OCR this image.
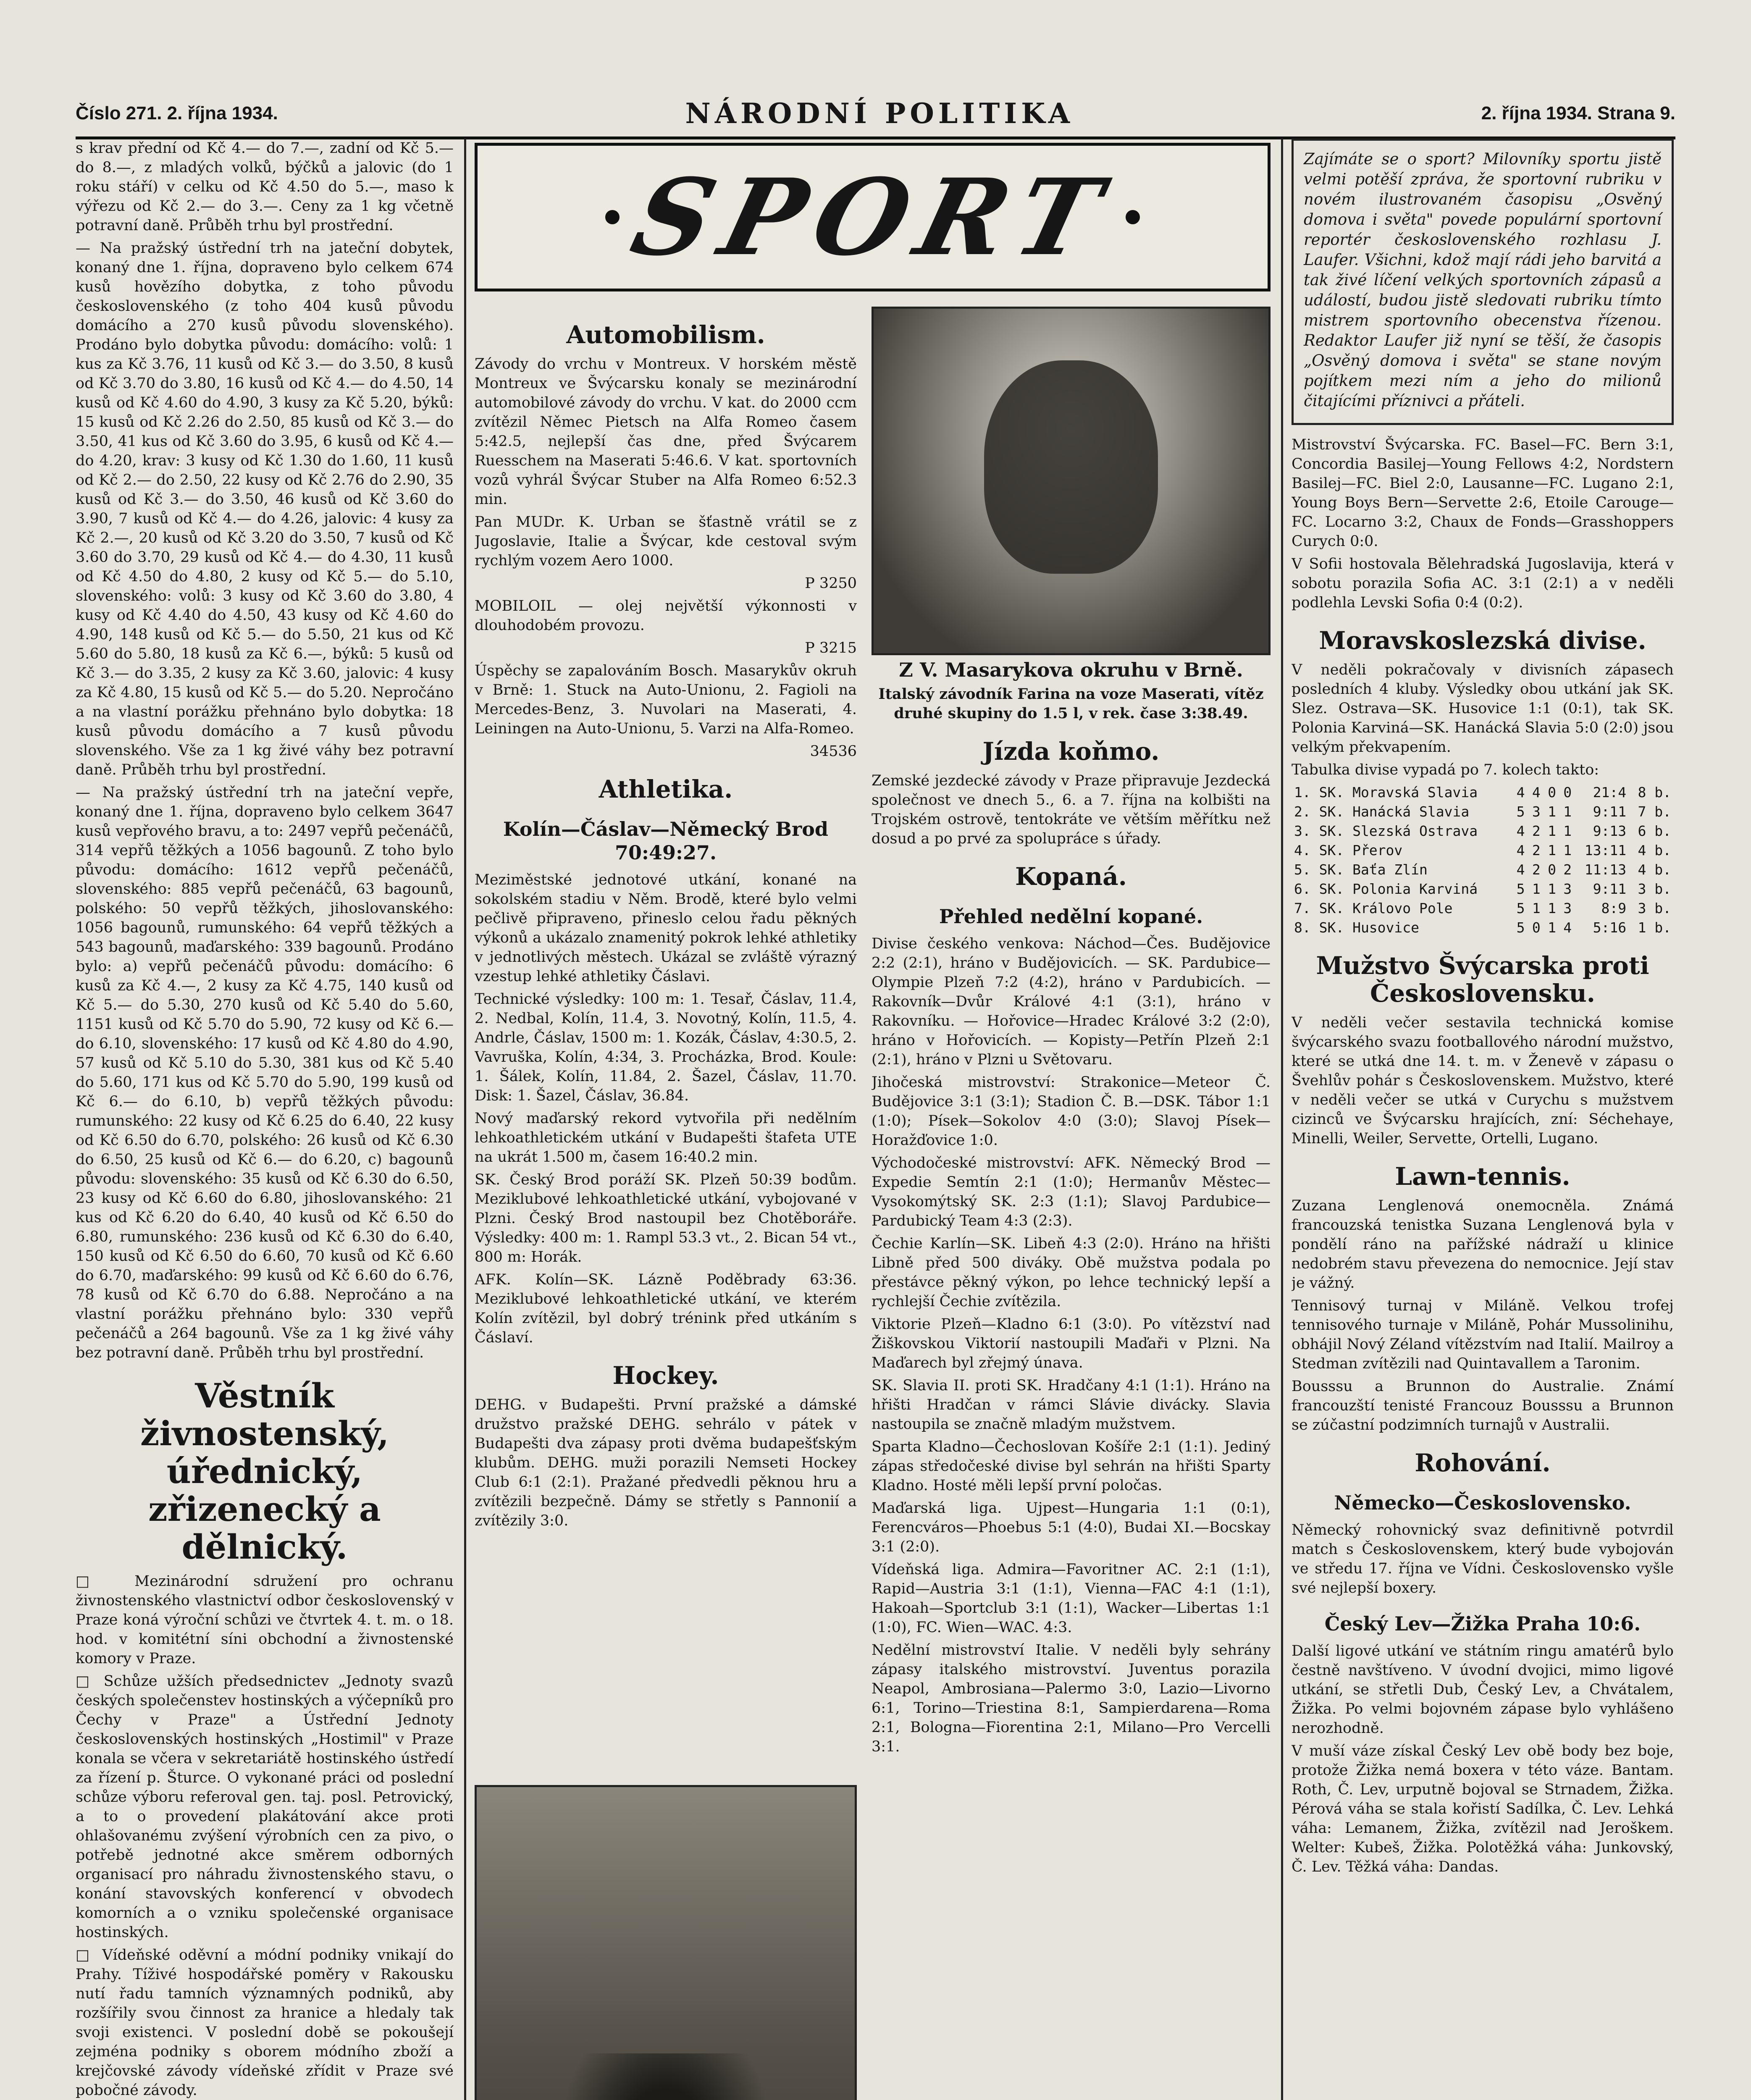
Číslo 271. 2. října 1934.	NÁRODNÍ POLITIKA	2. října 1934. Strana 9.

s krav přední od Kč 4.— do 7.—, zadní od Kč 5.— do 8.—, z mladých volků, býčků a jalovic (do 1 roku stáří) v celku od Kč 4.50 do 5.—, maso k výřezu od Kč 2.— do 3.—. Ceny za 1 kg včetně potravní daně. Průběh trhu byl prostřední.

— Na pražský ústřední trh na jateční dobytek, konaný dne 1. října, dopraveno bylo celkem 674 kusů hovězího dobytka, z toho původu československého (z toho 404 kusů původu domácího a 270 kusů původu slovenského). Prodáno bylo dobytka původu: domácího: volů: 1 kus za Kč 3.76, 11 kusů od Kč 3.— do 3.50, 8 kusů od Kč 3.70 do 3.80, 16 kusů od Kč 4.— do 4.50, 14 kusů od Kč 4.60 do 4.90, 3 kusy za Kč 5.20, býků: 15 kusů od Kč 2.26 do 2.50, 85 kusů od Kč 3.— do 3.50, 41 kus od Kč 3.60 do 3.95, 6 kusů od Kč 4.— do 4.20, krav: 3 kusy od Kč 1.30 do 1.60, 11 kusů od Kč 2.— do 2.50, 22 kusy od Kč 2.76 do 2.90, 35 kusů od Kč 3.— do 3.50, 46 kusů od Kč 3.60 do 3.90, 7 kusů od Kč 4.— do 4.26, jalovic: 4 kusy za Kč 2.—, 20 kusů od Kč 3.20 do 3.50, 7 kusů od Kč 3.60 do 3.70, 29 kusů od Kč 4.— do 4.30, 11 kusů od Kč 4.50 do 4.80, 2 kusy od Kč 5.— do 5.10, slovenského: volů: 3 kusy od Kč 3.60 do 3.80, 4 kusy od Kč 4.40 do 4.50, 43 kusy od Kč 4.60 do 4.90, 148 kusů od Kč 5.— do 5.50, 21 kus od Kč 5.60 do 5.80, 18 kusů za Kč 6.—, býků: 5 kusů od Kč 3.— do 3.35, 2 kusy za Kč 3.60, jalovic: 4 kusy za Kč 4.80, 15 kusů od Kč 5.— do 5.20. Nepročáno a na vlastní porážku přehnáno bylo dobytka: 18 kusů původu domácího a 7 kusů původu slovenského. Vše za 1 kg živé váhy bez potravní daně. Průběh trhu byl prostřední.

— Na pražský ústřední trh na jateční vepře, konaný dne 1. října, dopraveno bylo celkem 3647 kusů vepřového bravu, a to: 2497 vepřů pečenáčů, 314 vepřů těžkých a 1056 bagounů. Z toho bylo původu: domácího: 1612 vepřů pečenáčů, slovenského: 885 vepřů pečenáčů, 63 bagounů, polského: 50 vepřů těžkých, jihoslovanského: 1056 bagounů, rumunského: 64 vepřů těžkých a 543 bagounů, maďarského: 339 bagounů. Prodáno bylo: a) vepřů pečenáčů původu: domácího: 6 kusů za Kč 4.—, 2 kusy za Kč 4.75, 140 kusů od Kč 5.— do 5.30, 270 kusů od Kč 5.40 do 5.60, 1151 kusů od Kč 5.70 do 5.90, 72 kusy od Kč 6.— do 6.10, slovenského: 17 kusů od Kč 4.80 do 4.90, 57 kusů od Kč 5.10 do 5.30, 381 kus od Kč 5.40 do 5.60, 171 kus od Kč 5.70 do 5.90, 199 kusů od Kč 6.— do 6.10, b) vepřů těžkých původu: rumunského: 22 kusy od Kč 6.25 do 6.40, 22 kusy od Kč 6.50 do 6.70, polského: 26 kusů od Kč 6.30 do 6.50, 25 kusů od Kč 6.— do 6.20, c) bagounů původu: slovenského: 35 kusů od Kč 6.30 do 6.50, 23 kusy od Kč 6.60 do 6.80, jihoslovanského: 21 kus od Kč 6.20 do 6.40, 40 kusů od Kč 6.50 do 6.80, rumunského: 236 kusů od Kč 6.30 do 6.40, 150 kusů od Kč 6.50 do 6.60, 70 kusů od Kč 6.60 do 6.70, maďarského: 99 kusů od Kč 6.60 do 6.76, 78 kusů od Kč 6.70 do 6.88. Nepročáno a na vlastní porážku přehnáno bylo: 330 vepřů pečenáčů a 264 bagounů. Vše za 1 kg živé váhy bez potravní daně. Průběh trhu byl prostřední.

Věstník živnostenský, úřednický, zřizenecký a dělnický.

□ Mezinárodní sdružení pro ochranu živnostenského vlastnictví odbor československý v Praze koná výroční schůzi ve čtvrtek 4. t. m. o 18. hod. v komitétní síni obchodní a živnostenské komory v Praze.

□ Schůze užších předsednictev „Jednoty svazů českých společenstev hostinských a výčepníků pro Čechy v Praze" a Ústřední Jednoty československých hostinských „Hostimil" v Praze konala se včera v sekretariátě hostinského ústředí za řízení p. Šturce. O vykonané práci od poslední schůze výboru referoval gen. taj. posl. Petrovický, a to o provedení plakátování akce proti ohlašovanému zvýšení výrobních cen za pivo, o potřebě jednotné akce směrem odborných organisací pro náhradu živnostenského stavu, o konání stavovských konferencí v obvodech komorních a o vzniku společenské organisace hostinských.

□ Vídeňské oděvní a módní podniky vnikají do Prahy. Tíživé hospodářské poměry v Rakousku nutí řadu tamních významných podniků, aby rozšířily svou činnost za hranice a hledaly tak svoji existenci. V poslední době se pokoušejí zejména podniky s oborem módního zboží a krejčovské závody vídeňské zřídit v Praze své pobočné závody.

SPORT
Automobilism.

Závody do vrchu v Montreux. V horském městě Montreux ve Švýcarsku konaly se mezinárodní automobilové závody do vrchu. V kat. do 2000 ccm zvítězil Němec Pietsch na Alfa Romeo časem 5:42.5, nejlepší čas dne, před Švýcarem Ruesschem na Maserati 5:46.6. V kat. sportovních vozů vyhrál Švýcar Stuber na Alfa Romeo 6:52.3 min.

Pan MUDr. K. Urban se šťastně vrátil se z Jugoslavie, Italie a Švýcar, kde cestoval svým rychlým vozem Aero 1000.

P 3250

MOBILOIL — olej největší výkonnosti v dlouhodobém provozu.

P 3215

Úspěchy se zapalováním Bosch. Masarykův okruh v Brně: 1. Stuck na Auto-Unionu, 2. Fagioli na Mercedes-Benz, 3. Nuvolari na Maserati, 4. Leiningen na Auto-Unionu, 5. Varzi na Alfa-Romeo.

34536

Athletika.
Kolín—Čáslav—Německý Brod 70:49:27.

Meziměstské jednotové utkání, konané na sokolském stadiu v Něm. Brodě, které bylo velmi pečlivě připraveno, přineslo celou řadu pěkných výkonů a ukázalo znamenitý pokrok lehké athletiky v jednotlivých městech. Ukázal se zvláště výrazný vzestup lehké athletiky Čáslavi.

Technické výsledky: 100 m: 1. Tesař, Čáslav, 11.4, 2. Nedbal, Kolín, 11.4, 3. Novotný, Kolín, 11.5, 4. Andrle, Čáslav, 1500 m: 1. Kozák, Čáslav, 4:30.5, 2. Vavruška, Kolín, 4:34, 3. Procházka, Brod. Koule: 1. Šálek, Kolín, 11.84, 2. Šazel, Čáslav, 11.70. Disk: 1. Šazel, Čáslav, 36.84.

Nový maďarský rekord vytvořila při nedělním lehkoathletickém utkání v Budapešti štafeta UTE na ukrát 1.500 m, časem 16:40.2 min.

SK. Český Brod poráží SK. Plzeň 50:39 bodům. Meziklubové lehkoathletické utkání, vybojované v Plzni. Český Brod nastoupil bez Chotěboráře. Výsledky: 400 m: 1. Rampl 53.3 vt., 2. Bican 54 vt., 800 m: Horák.

AFK. Kolín—SK. Lázně Poděbrady 63:36. Meziklubové lehkoathletické utkání, ve kterém Kolín zvítězil, byl dobrý trénink před utkáním s Čáslaví.

Hockey.

DEHG. v Budapešti. První pražské a dámské družstvo pražské DEHG. sehrálo v pátek v Budapešti dva zápasy proti dvěma budapešťským klubům. DEHG. muži porazili Nemseti Hockey Club 6:1 (2:1). Pražané předvedli pěknou hru a zvítězili bezpečně. Dámy se střetly s Pannonií a zvítězily 3:0.

Z V. Masarykova okruhu v Brně.
Italský závodník Farina na voze Maserati, vítěz druhé skupiny do 1.5 l, v rek. čase 3:38.49.
Jízda koňmo.

Zemské jezdecké závody v Praze připravuje Jezdecká společnost ve dnech 5., 6. a 7. října na kolbišti na Trojském ostrově, tentokráte ve větším měřítku než dosud a po prvé za spolupráce s úřady.

Kopaná.
Přehled nedělní kopané.

Divise českého venkova: Náchod—Čes. Budějovice 2:2 (2:1), hráno v Budějovicích. — SK. Pardubice—Olympie Plzeň 7:2 (4:2), hráno v Pardubicích. — Rakovník—Dvůr Králové 4:1 (3:1), hráno v Rakovníku. — Hořovice—Hradec Králové 3:2 (2:0), hráno v Hořovicích. — Kopisty—Petřín Plzeň 2:1 (2:1), hráno v Plzni u Světovaru.

Jihočeská mistrovství: Strakonice—Meteor Č. Budějovice 3:1 (3:1); Stadion Č. B.—DSK. Tábor 1:1 (1:0); Písek—Sokolov 4:0 (3:0); Slavoj Písek—Horažďovice 1:0.

Východočeské mistrovství: AFK. Německý Brod —Expedie Semtín 2:1 (1:0); Hermanův Městec—Vysokomýtský SK. 2:3 (1:1); Slavoj Pardubice—Pardubický Team 4:3 (2:3).

Čechie Karlín—SK. Libeň 4:3 (2:0). Hráno na hřišti Libně před 500 diváky. Obě mužstva podala po přestávce pěkný výkon, po lehce technický lepší a rychlejší Čechie zvítězila.

Viktorie Plzeň—Kladno 6:1 (3:0). Po vítězství nad Žiškovskou Viktorií nastoupili Maďaři v Plzni. Na Maďarech byl zřejmý únava.

SK. Slavia II. proti SK. Hradčany 4:1 (1:1). Hráno na hřišti Hradčan v rámci Slávie divácky. Slavia nastoupila se značně mladým mužstvem.

Sparta Kladno—Čechoslovan Košíře 2:1 (1:1). Jediný zápas středočeské divise byl sehrán na hřišti Sparty Kladno. Hosté měli lepší první poločas.

Maďarská liga. Ujpest—Hungaria 1:1 (0:1), Ferencváros—Phoebus 5:1 (4:0), Budai XI.—Bocskay 3:1 (2:0).

Vídeňská liga. Admira—Favoritner AC. 2:1 (1:1), Rapid—Austria 3:1 (1:1), Vienna—FAC 4:1 (1:1), Hakoah—Sportclub 3:1 (1:1), Wacker—Libertas 1:1 (1:0), FC. Wien—WAC. 4:3.

Nedělní mistrovství Italie. V neděli byly sehrány zápasy italského mistrovství. Juventus porazila Neapol, Ambrosiana—Palermo 3:0, Lazio—Livorno 6:1, Torino—Triestina 8:1, Sampierdarena—Roma 2:1, Bologna—Fiorentina 2:1, Milano—Pro Vercelli 3:1.

Zajímáte se o sport? Milovníky sportu jistě velmi potěší zpráva, že sportovní rubriku v novém ilustrovaném časopisu „Osvěný domova i světa" povede populární sportovní reportér československého rozhlasu J. Laufer. Všichni, kdož mají rádi jeho barvitá a tak živé líčení velkých sportovních zápasů a událostí, budou jistě sledovati rubriku tímto mistrem sportovního obecenstva řízenou. Redaktor Laufer již nyní se těší, že časopis „Osvěný domova i světa" se stane novým pojítkem mezi ním a jeho do milionů čitajícími příznivci a přáteli.

Mistrovství Švýcarska. FC. Basel—FC. Bern 3:1, Concordia Basilej—Young Fellows 4:2, Nordstern Basilej—FC. Biel 2:0, Lausanne—FC. Lugano 2:1, Young Boys Bern—Servette 2:6, Etoile Carouge—FC. Locarno 3:2, Chaux de Fonds—Grasshoppers Curych 0:0.

V Sofii hostovala Bělehradská Jugoslavija, která v sobotu porazila Sofia AC. 3:1 (2:1) a v neděli podlehla Levski Sofia 0:4 (0:2).

Moravskoslezská divise.

V neděli pokračovaly v divisních zápasech posledních 4 kluby. Výsledky obou utkání jak SK. Slez. Ostrava—SK. Husovice 1:1 (0:1), tak SK. Polonia Karviná—SK. Hanácká Slavia 5:0 (2:0) jsou velkým překvapením.

Tabulka divise vypadá po 7. kolech takto:

1. SK. Moravská Slavia	4	4	0	0	21:4	8 b.
2. SK. Hanácká Slavia	5	3	1	1	9:11	7 b.
3. SK. Slezská Ostrava	4	2	1	1	9:13	6 b.
4. SK. Přerov	4	2	1	1	13:11	4 b.
5. SK. Baťa Zlín	4	2	0	2	11:13	4 b.
6. SK. Polonia Karviná	5	1	1	3	9:11	3 b.
7. SK. Královo Pole	5	1	1	3	8:9	3 b.
8. SK. Husovice	5	0	1	4	5:16	1 b.
Mužstvo Švýcarska proti Československu.

V neděli večer sestavila technická komise švýcarského svazu footballového národní mužstvo, které se utká dne 14. t. m. v Ženevě v zápasu o Švehlův pohár s Československem. Mužstvo, které v neděli večer se utká v Curychu s mužstvem cizinců ve Švýcarsku hrajících, zní: Séchehaye, Minelli, Weiler, Servette, Ortelli, Lugano.

Lawn-tennis.

Zuzana Lenglenová onemocněla. Známá francouzská tenistka Suzana Lenglenová byla v pondělí ráno na pařížské nádraží u klinice nedobrém stavu převezena do nemocnice. Její stav je vážný.

Tennisový turnaj v Miláně. Velkou trofej tennisového turnaje v Miláně, Pohár Mussolinihu, obhájil Nový Zéland vítězstvím nad Italií. Mailroy a Stedman zvítězili nad Quintavallem a Taronim.

Bousssu a Brunnon do Australie. Známí francouzští tenisté Francouz Bousssu a Brunnon se zúčastní podzimních turnajů v Australii.

Rohování.
Německo—Československo.

Německý rohovnický svaz definitivně potvrdil match s Československem, který bude vybojován ve středu 17. října ve Vídni. Československo vyšle své nejlepší boxery.

Český Lev—Žižka Praha 10:6.

Další ligové utkání ve státním ringu amatérů bylo čestně navštíveno. V úvodní dvojici, mimo ligové utkání, se střetli Dub, Český Lev, a Chvátalem, Žižka. Po velmi bojovném zápase bylo vyhlášeno nerozhodně.

V muší váze získal Český Lev obě body bez boje, protože Žižka nemá boxera v této váze. Bantam. Roth, Č. Lev, urputně bojoval se Strnadem, Žižka. Pérová váha se stala kořistí Sadílka, Č. Lev. Lehká váha: Lemanem, Žižka, zvítězil nad Jeroškem. Welter: Kubeš, Žižka. Polotěžká váha: Junkovský, Č. Lev. Těžká váha: Dandas.
